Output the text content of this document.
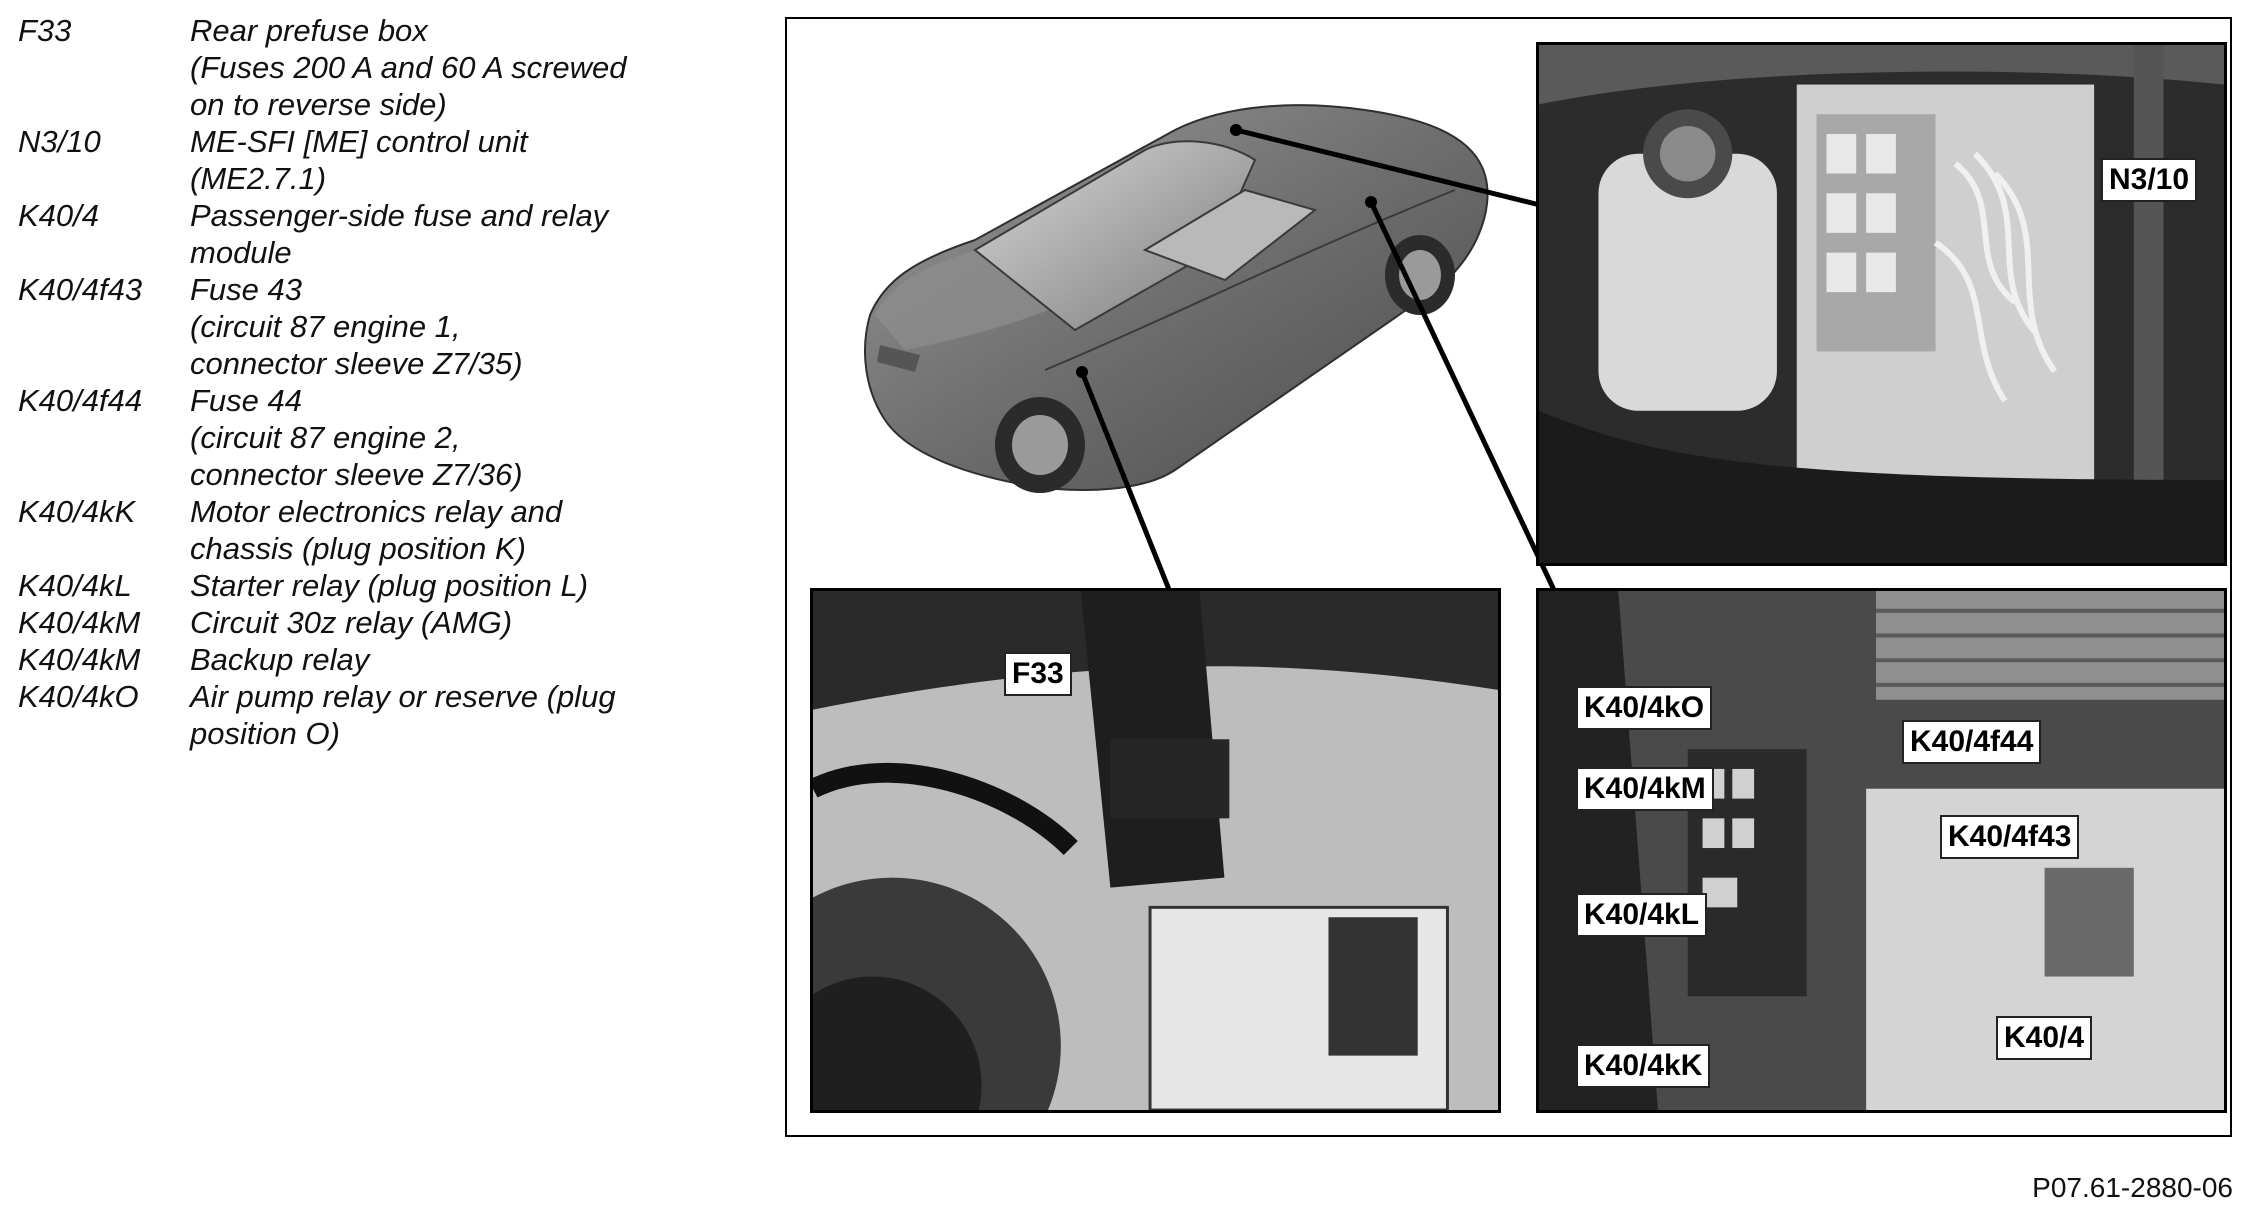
F33	Rear prefuse box
(Fuses 200 A and 60 A screwed
on to reverse side)
N3/10	ME-SFI [ME] control unit
(ME2.7.1)
K40/4	Passenger-side fuse and relay
module
K40/4f43	Fuse 43
(circuit 87 engine 1,
connector sleeve Z7/35)
K40/4f44	Fuse 44
(circuit 87 engine 2,
connector sleeve Z7/36)
K40/4kK	Motor electronics relay and
chassis (plug position K)
K40/4kL	Starter relay (plug position L)
K40/4kM	Circuit 30z relay (AMG)
K40/4kM	Backup relay
K40/4kO	Air pump relay or reserve (plug
position O)
N3/10
F33
K40/4kO
K40/4kM
K40/4kL
K40/4kK
K40/4f44
K40/4f43
K40/4
P07.61-2880-06
